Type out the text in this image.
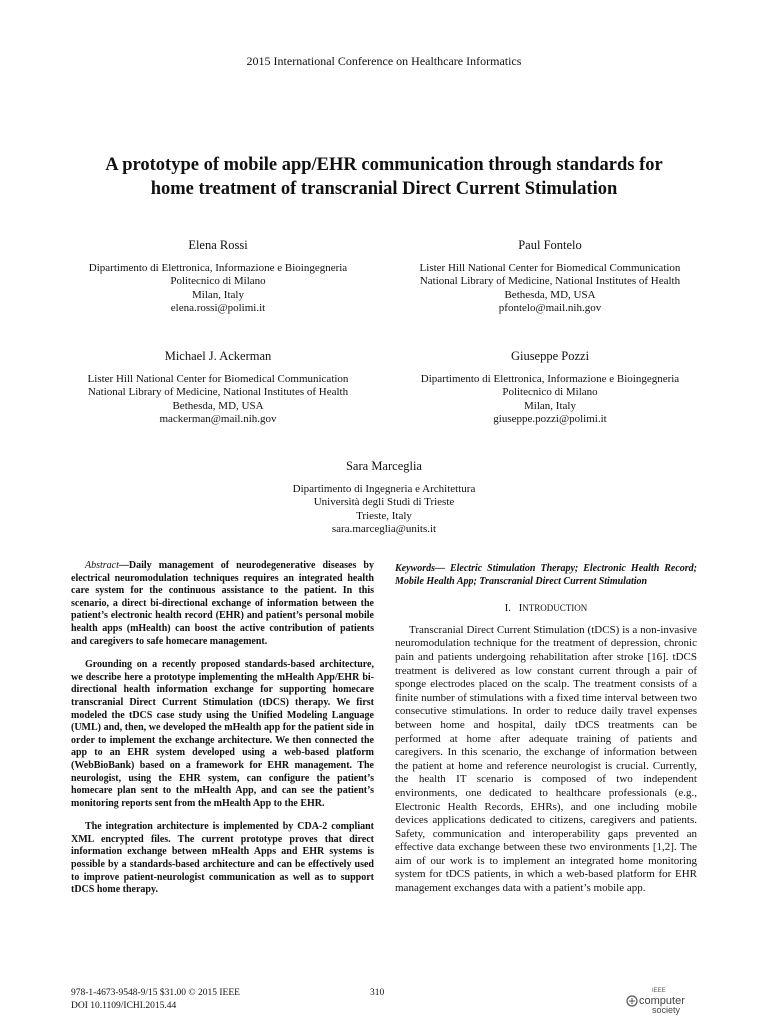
2015 International Conference on Healthcare Informatics
A prototype of mobile app/EHR communication through standards for
home treatment of transcranial Direct Current Stimulation
Elena Rossi
Dipartimento di Elettronica, Informazione e Bioingegneria
Politecnico di Milano
Milan, Italy
elena.rossi@polimi.it
Paul Fontelo
Lister Hill National Center for Biomedical Communication
National Library of Medicine, National Institutes of Health
Bethesda, MD, USA
pfontelo@mail.nih.gov
Michael J. Ackerman
Lister Hill National Center for Biomedical Communication
National Library of Medicine, National Institutes of Health
Bethesda, MD, USA
mackerman@mail.nih.gov
Giuseppe Pozzi
Dipartimento di Elettronica, Informazione e Bioingegneria
Politecnico di Milano
Milan, Italy
giuseppe.pozzi@polimi.it
Sara Marceglia
Dipartimento di Ingegneria e Architettura
Università degli Studi di Trieste
Trieste, Italy
sara.marceglia@units.it

Abstract—Daily management of neurodegenerative diseases by electrical neuromodulation techniques requires an integrated health care system for the continuous assistance to the patient. In this scenario, a direct bi-directional exchange of information between the patient’s electronic health record (EHR) and patient’s personal mobile health apps (mHealth) can boost the active contribution of patients and caregivers to safe homecare management.

Grounding on a recently proposed standards-based architecture, we describe here a prototype implementing the mHealth App/EHR bi-directional health information exchange for supporting homecare transcranial Direct Current Stimulation (tDCS) therapy. We first modeled the tDCS case study using the Unified Modeling Language (UML) and, then, we developed the mHealth app for the patient side in order to implement the exchange architecture. We then connected the app to an EHR system developed using a web-based platform (WebBioBank) based on a framework for EHR management. The neurologist, using the EHR system, can configure the patient’s homecare plan sent to the mHealth App, and can see the patient’s monitoring reports sent from the mHealth App to the EHR.

The integration architecture is implemented by CDA-2 compliant XML encrypted files. The current prototype proves that direct information exchange between mHealth Apps and EHR systems is possible by a standards-based architecture and can be effectively used to improve patient-neurologist communication as well as to support tDCS home therapy.

Keywords— Electric Stimulation Therapy; Electronic Health Record; Mobile Health App; Transcranial Direct Current Stimulation

I. INTRODUCTION

Transcranial Direct Current Stimulation (tDCS) is a non-invasive neuromodulation technique for the treatment of depression, chronic pain and patients undergoing rehabilitation after stroke [16]. tDCS treatment is delivered as low constant current through a pair of sponge electrodes placed on the scalp. The treatment consists of a finite number of stimulations with a fixed time interval between two consecutive stimulations. In order to reduce daily travel expenses between home and hospital, daily tDCS treatments can be performed at home after adequate training of patients and caregivers. In this scenario, the exchange of information between the patient at home and reference neurologist is crucial. Currently, the health IT scenario is composed of two independent environments, one dedicated to healthcare professionals (e.g., Electronic Health Records, EHRs), and one including mobile devices applications dedicated to citizens, caregivers and patients. Safety, communication and interoperability gaps prevented an effective data exchange between these two environments [1,2]. The aim of our work is to implement an integrated home monitoring system for tDCS patients, in which a web-based platform for EHR management exchanges data with a patient’s mobile app.

978-1-4673-9548-9/15 $31.00 © 2015 IEEE
DOI 10.1109/ICHI.2015.44
310	IEEE
computer
society
